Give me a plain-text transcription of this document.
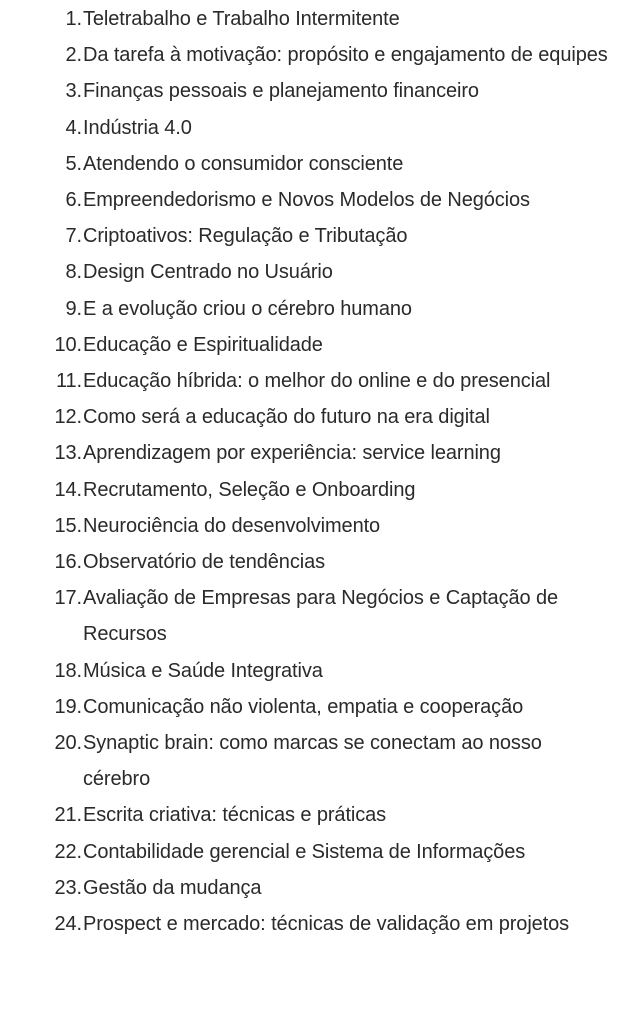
1. Teletrabalho e Trabalho Intermitente
2. Da tarefa à motivação: propósito e engajamento de equipes
3. Finanças pessoais e planejamento financeiro
4. Indústria 4.0
5. Atendendo o consumidor consciente
6. Empreendedorismo e Novos Modelos de Negócios
7. Criptoativos: Regulação e Tributação
8. Design Centrado no Usuário
9. E a evolução criou o cérebro humano
10. Educação e Espiritualidade
11. Educação híbrida: o melhor do online e do presencial
12. Como será a educação do futuro na era digital
13. Aprendizagem por experiência: service learning
14. Recrutamento, Seleção e Onboarding
15. Neurociência do desenvolvimento
16. Observatório de tendências
17. Avaliação de Empresas para Negócios e Captação de Recursos
18. Música e Saúde Integrativa
19. Comunicação não violenta, empatia e cooperação
20. Synaptic brain: como marcas se conectam ao nosso cérebro
21. Escrita criativa: técnicas e práticas
22. Contabilidade gerencial e Sistema de Informações
23. Gestão da mudança
24. Prospect e mercado: técnicas de validação em projetos
